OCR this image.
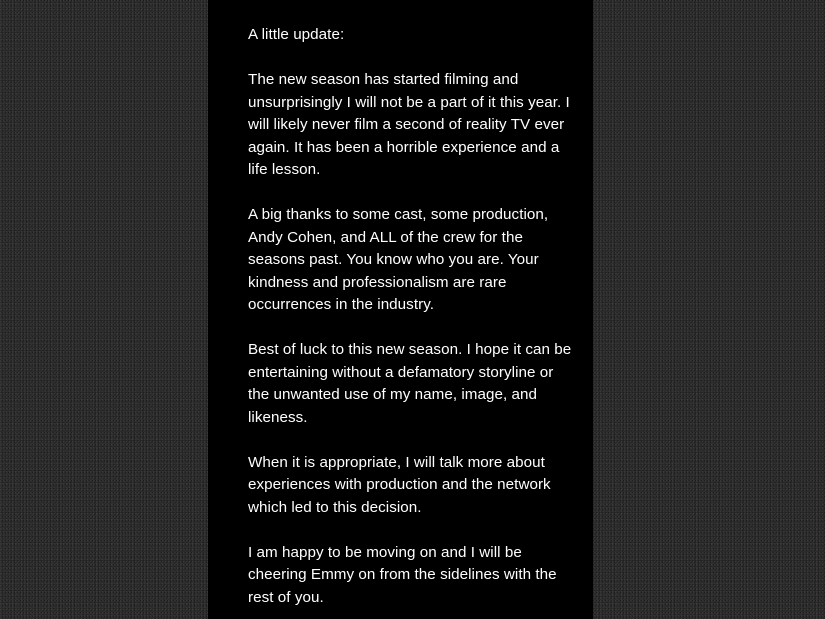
A little update:

The new season has started filming and unsurprisingly I will not be a part of it this year. I will likely never film a second of reality TV ever again. It has been a horrible experience and a life lesson.

A big thanks to some cast, some production, Andy Cohen, and ALL of the crew for the seasons past. You know who you are. Your kindness and professionalism are rare occurrences in the industry.

Best of luck to this new season. I hope it can be entertaining without a defamatory storyline or the unwanted use of my name, image, and likeness.

When it is appropriate, I will talk more about experiences with production and the network which led to this decision.

I am happy to be moving on and I will be cheering Emmy on from the sidelines with the rest of you.
